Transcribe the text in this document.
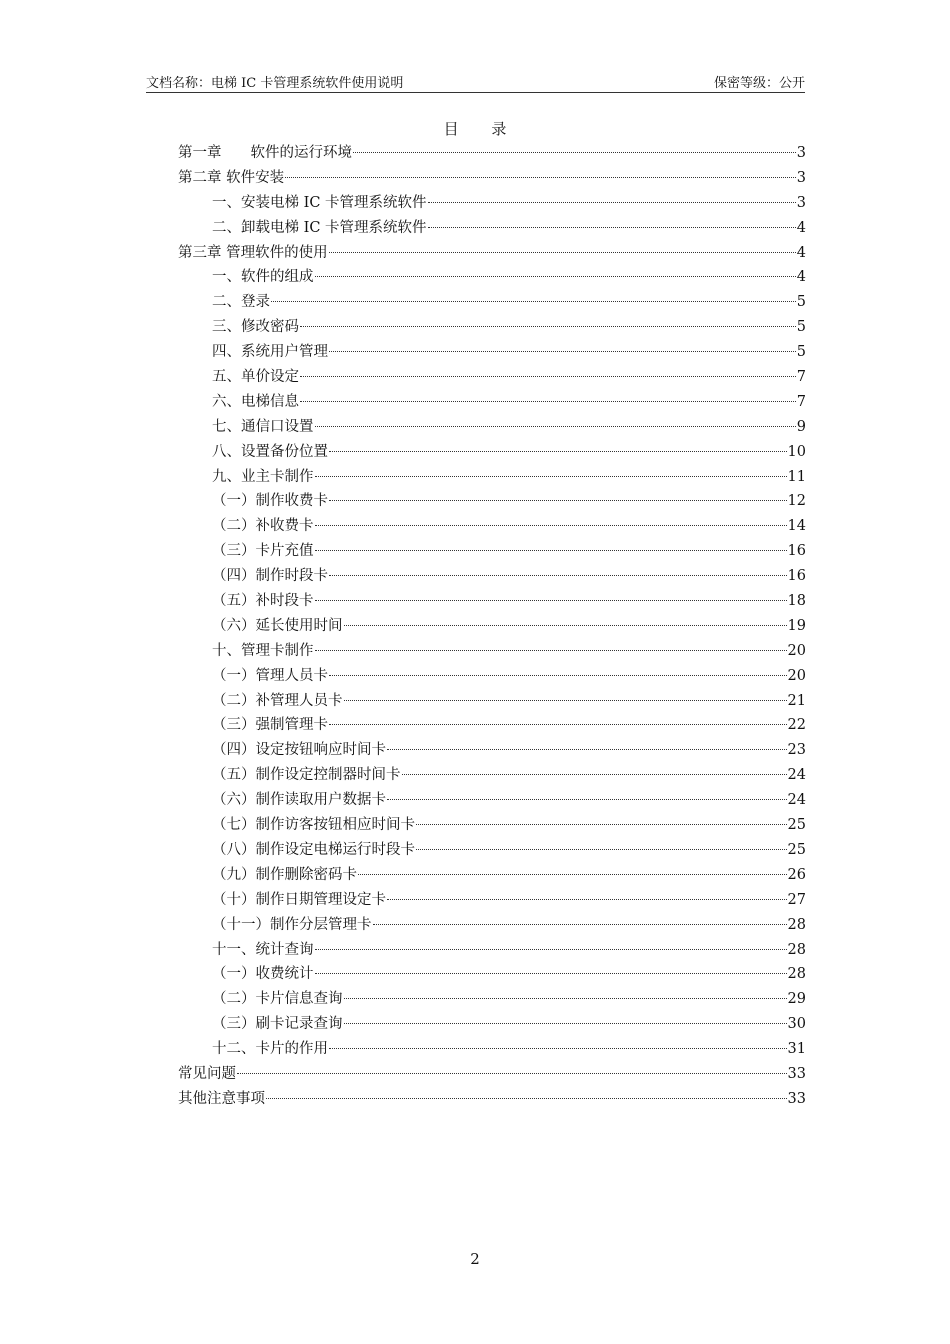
文档名称：电梯 IC 卡管理系统软件使用说明	保密等级：公开
目 录
第一章　　软件的运行环境	3
第二章 软件安装	3
一、安装电梯 IC 卡管理系统软件	3
二、卸载电梯 IC 卡管理系统软件	4
第三章 管理软件的使用	4
一、软件的组成	4
二、登录	5
三、修改密码	5
四、系统用户管理	5
五、单价设定	7
六、电梯信息	7
七、通信口设置	9
八、设置备份位置	10
九、业主卡制作	11
（一）制作收费卡	12
（二）补收费卡	14
（三）卡片充值	16
（四）制作时段卡	16
（五）补时段卡	18
（六）延长使用时间	19
十、管理卡制作	20
（一）管理人员卡	20
（二）补管理人员卡	21
（三）强制管理卡	22
（四）设定按钮响应时间卡	23
（五）制作设定控制器时间卡	24
（六）制作读取用户数据卡	24
（七）制作访客按钮相应时间卡	25
（八）制作设定电梯运行时段卡	25
（九）制作删除密码卡	26
（十）制作日期管理设定卡	27
（十一）制作分层管理卡	28
十一、统计查询	28
（一）收费统计	28
（二）卡片信息查询	29
（三）刷卡记录查询	30
十二、卡片的作用	31
常见问题	33
其他注意事项	33
2
